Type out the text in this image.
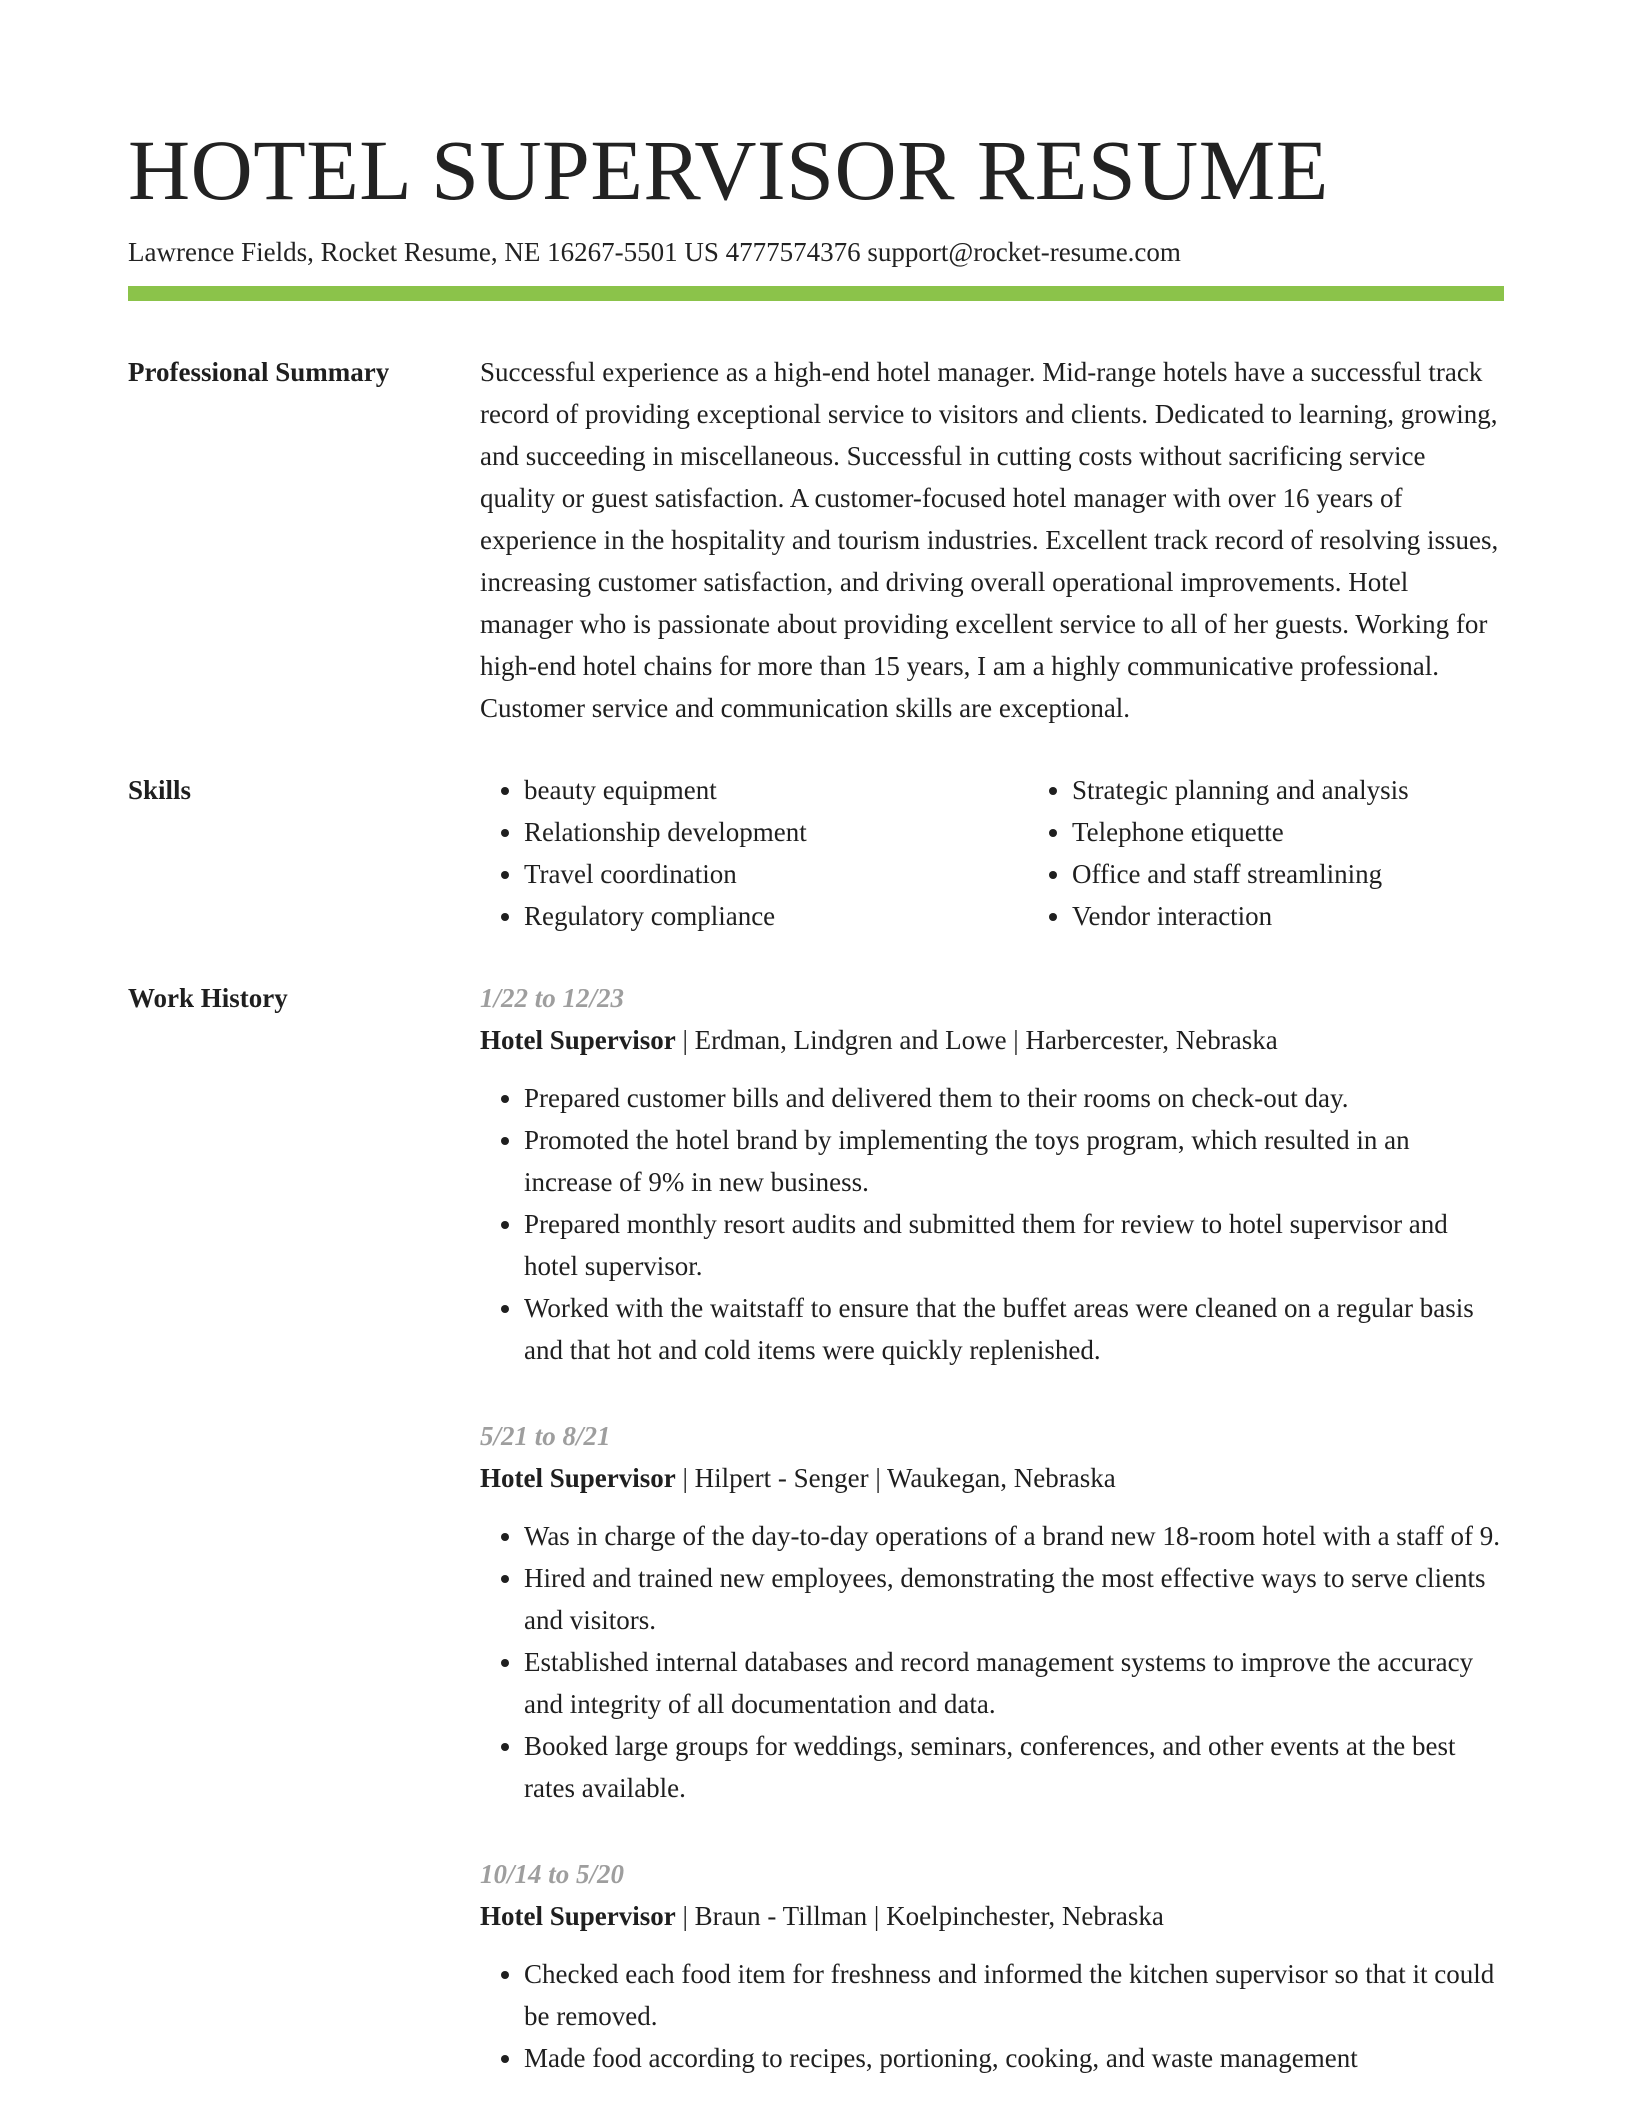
HOTEL SUPERVISOR RESUME
Lawrence Fields, Rocket Resume, NE 16267-5501 US 4777574376 support@rocket-resume.com
Professional Summary	Successful experience as a high-end hotel manager. Mid-range hotels have a successful track record of providing exceptional service to visitors and clients. Dedicated to learning, growing, and succeeding in miscellaneous. Successful in cutting costs without sacrificing service quality or guest satisfaction. A customer-focused hotel manager with over 16 years of experience in the hospitality and tourism industries. Excellent track record of resolving issues, increasing customer satisfaction, and driving overall operational improvements. Hotel manager who is passionate about providing excellent service to all of her guests. Working for high-end hotel chains for more than 15 years, I am a highly communicative professional. Customer service and communication skills are exceptional.

Skills
•	beauty equipment
• Relationship development
• Travel coordination
• Regulatory compliance
• Strategic planning and analysis
• Telephone etiquette
• Office and staff streamlining
• Vendor interaction
Work History	1/22 to 12/23
Hotel Supervisor | Erdman, Lindgren and Lowe | Harbercester, Nebraska
• Prepared customer bills and delivered them to their rooms on check-out day.
• Promoted the hotel brand by implementing the toys program, which resulted in an increase of 9% in new business.
• Prepared monthly resort audits and submitted them for review to hotel supervisor and hotel supervisor.
• Worked with the waitstaff to ensure that the buffet areas were cleaned on a regular basis and that hot and cold items were quickly replenished.
5/21 to 8/21
Hotel Supervisor | Hilpert - Senger | Waukegan, Nebraska
• Was in charge of the day-to-day operations of a brand new 18-room hotel with a staff of 9.
• Hired and trained new employees, demonstrating the most effective ways to serve clients and visitors.
• Established internal databases and record management systems to improve the accuracy and integrity of all documentation and data.
• Booked large groups for weddings, seminars, conferences, and other events at the best rates available.
10/14 to 5/20
Hotel Supervisor | Braun - Tillman | Koelpinchester, Nebraska
• Checked each food item for freshness and informed the kitchen supervisor so that it could be removed.
• Made food according to recipes, portioning, cooking, and waste management
